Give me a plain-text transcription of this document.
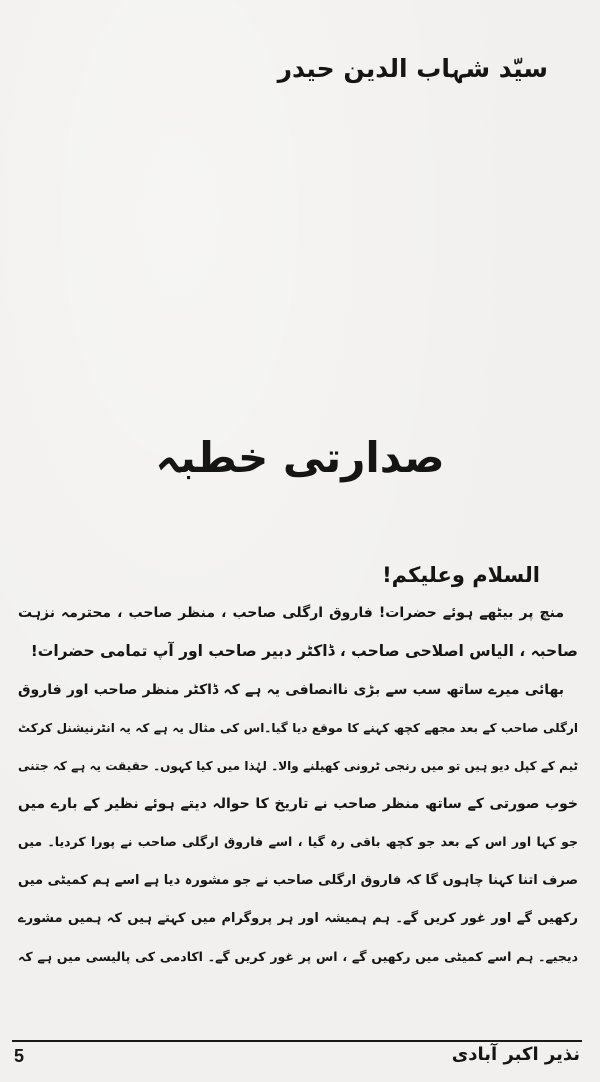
سیّد شہاب الدین حیدر
صدارتی خطبہ
السلام وعلیکم!
منچ پر بیٹھے ہوئے حضرات! فاروق ارگلی صاحب ، منظر صاحب ، محترمہ نزہت
صاحبہ ، الیاس اصلاحی صاحب ، ڈاکٹر دبیر صاحب اور آپ تمامی حضرات!
بھائی میرے ساتھ سب سے بڑی ناانصافی یہ ہے کہ ڈاکٹر منظر صاحب اور فاروق
ارگلی صاحب کے بعد مجھے کچھ کہنے کا موقع دیا گیا۔اس کی مثال یہ ہے کہ یہ انٹرنیشنل کرکٹ
ٹیم کے کپل دیو ہیں تو میں رنجی ٹرونی کھیلنے والا۔ لہٰذا میں کیا کہوں۔ حقیقت یہ ہے کہ جتنی
خوب صورتی کے ساتھ منظر صاحب نے تاریخ کا حوالہ دیتے ہوئے نظیر کے بارے میں
جو کہا اور اس کے بعد جو کچھ باقی رہ گیا ، اسے فاروق ارگلی صاحب نے پورا کردیا۔ میں
صرف اتنا کہنا چاہوں گا کہ فاروق ارگلی صاحب نے جو مشورہ دیا ہے اسے ہم کمیٹی میں
رکھیں گے اور غور کریں گے۔ ہم ہمیشہ اور ہر پروگرام میں کہتے ہیں کہ ہمیں مشورے
دیجیے۔ ہم اسے کمیٹی میں رکھیں گے ، اس پر غور کریں گے۔ اکادمی کی پالیسی میں ہے کہ
5	نذیر اکبر آبادی
